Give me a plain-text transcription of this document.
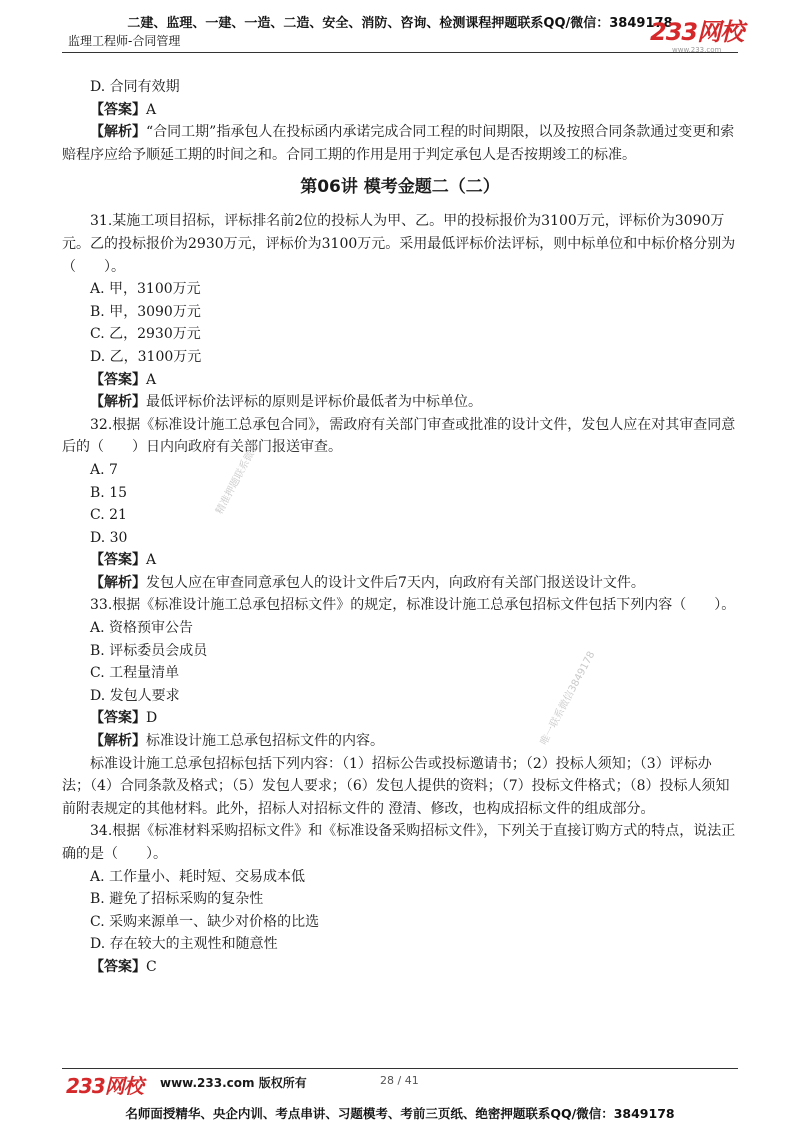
二建、监理、一建、一造、二造、安全、消防、咨询、检测课程押题联系QQ/微信：3849178
监理工程师-合同管理	233网校
www.233.com

D. 合同有效期

【答案】A

【解析】“合同工期”指承包人在投标函内承诺完成合同工程的时间期限，以及按照合同条款通过变更和索赔程序应给予顺延工期的时间之和。合同工期的作用是用于判定承包人是否按期竣工的标准。

第06讲 模考金题二（二）

31.某施工项目招标，评标排名前2位的投标人为甲、乙。甲的投标报价为3100万元，评标价为3090万元。乙的投标报价为2930万元，评标价为3100万元。采用最低评标价法评标，则中标单位和中标价格分别为（　　）。

A. 甲，3100万元

B. 甲，3090万元

C. 乙，2930万元

D. 乙，3100万元

【答案】A

【解析】最低评标价法评标的原则是评标价最低者为中标单位。

32.根据《标准设计施工总承包合同》，需政府有关部门审查或批准的设计文件，发包人应在对其审查同意后的（　　）日内向政府有关部门报送审查。

A. 7

B. 15

C. 21

D. 30

【答案】A

【解析】发包人应在审查同意承包人的设计文件后7天内，向政府有关部门报送设计文件。

33.根据《标准设计施工总承包招标文件》的规定，标准设计施工总承包招标文件包括下列内容（　　）。

A. 资格预审公告

B. 评标委员会成员

C. 工程量清单

D. 发包人要求

【答案】D

【解析】标准设计施工总承包招标文件的内容。

标准设计施工总承包招标包括下列内容：（1）招标公告或投标邀请书；（2）投标人须知；（3）评标办法；（4）合同条款及格式；（5）发包人要求；（6）发包人提供的资料；（7）投标文件格式；（8）投标人须知前附表规定的其他材料。此外，招标人对招标文件的 澄清、修改，也构成招标文件的组成部分。

34.根据《标准材料采购招标文件》和《标准设备采购招标文件》，下列关于直接订购方式的特点，说法正确的是（　　）。

A. 工作量小、耗时短、交易成本低

B. 避免了招标采购的复杂性

C. 采购来源单一、缺少对价格的比选

D. 存在较大的主观性和随意性

【答案】C

精准押题联系微信
唯一联系微信3849178
233网校 www.233.com 版权所有	28 / 41
名师面授精华、央企内训、考点串讲、习题模考、考前三页纸、绝密押题联系QQ/微信：3849178
